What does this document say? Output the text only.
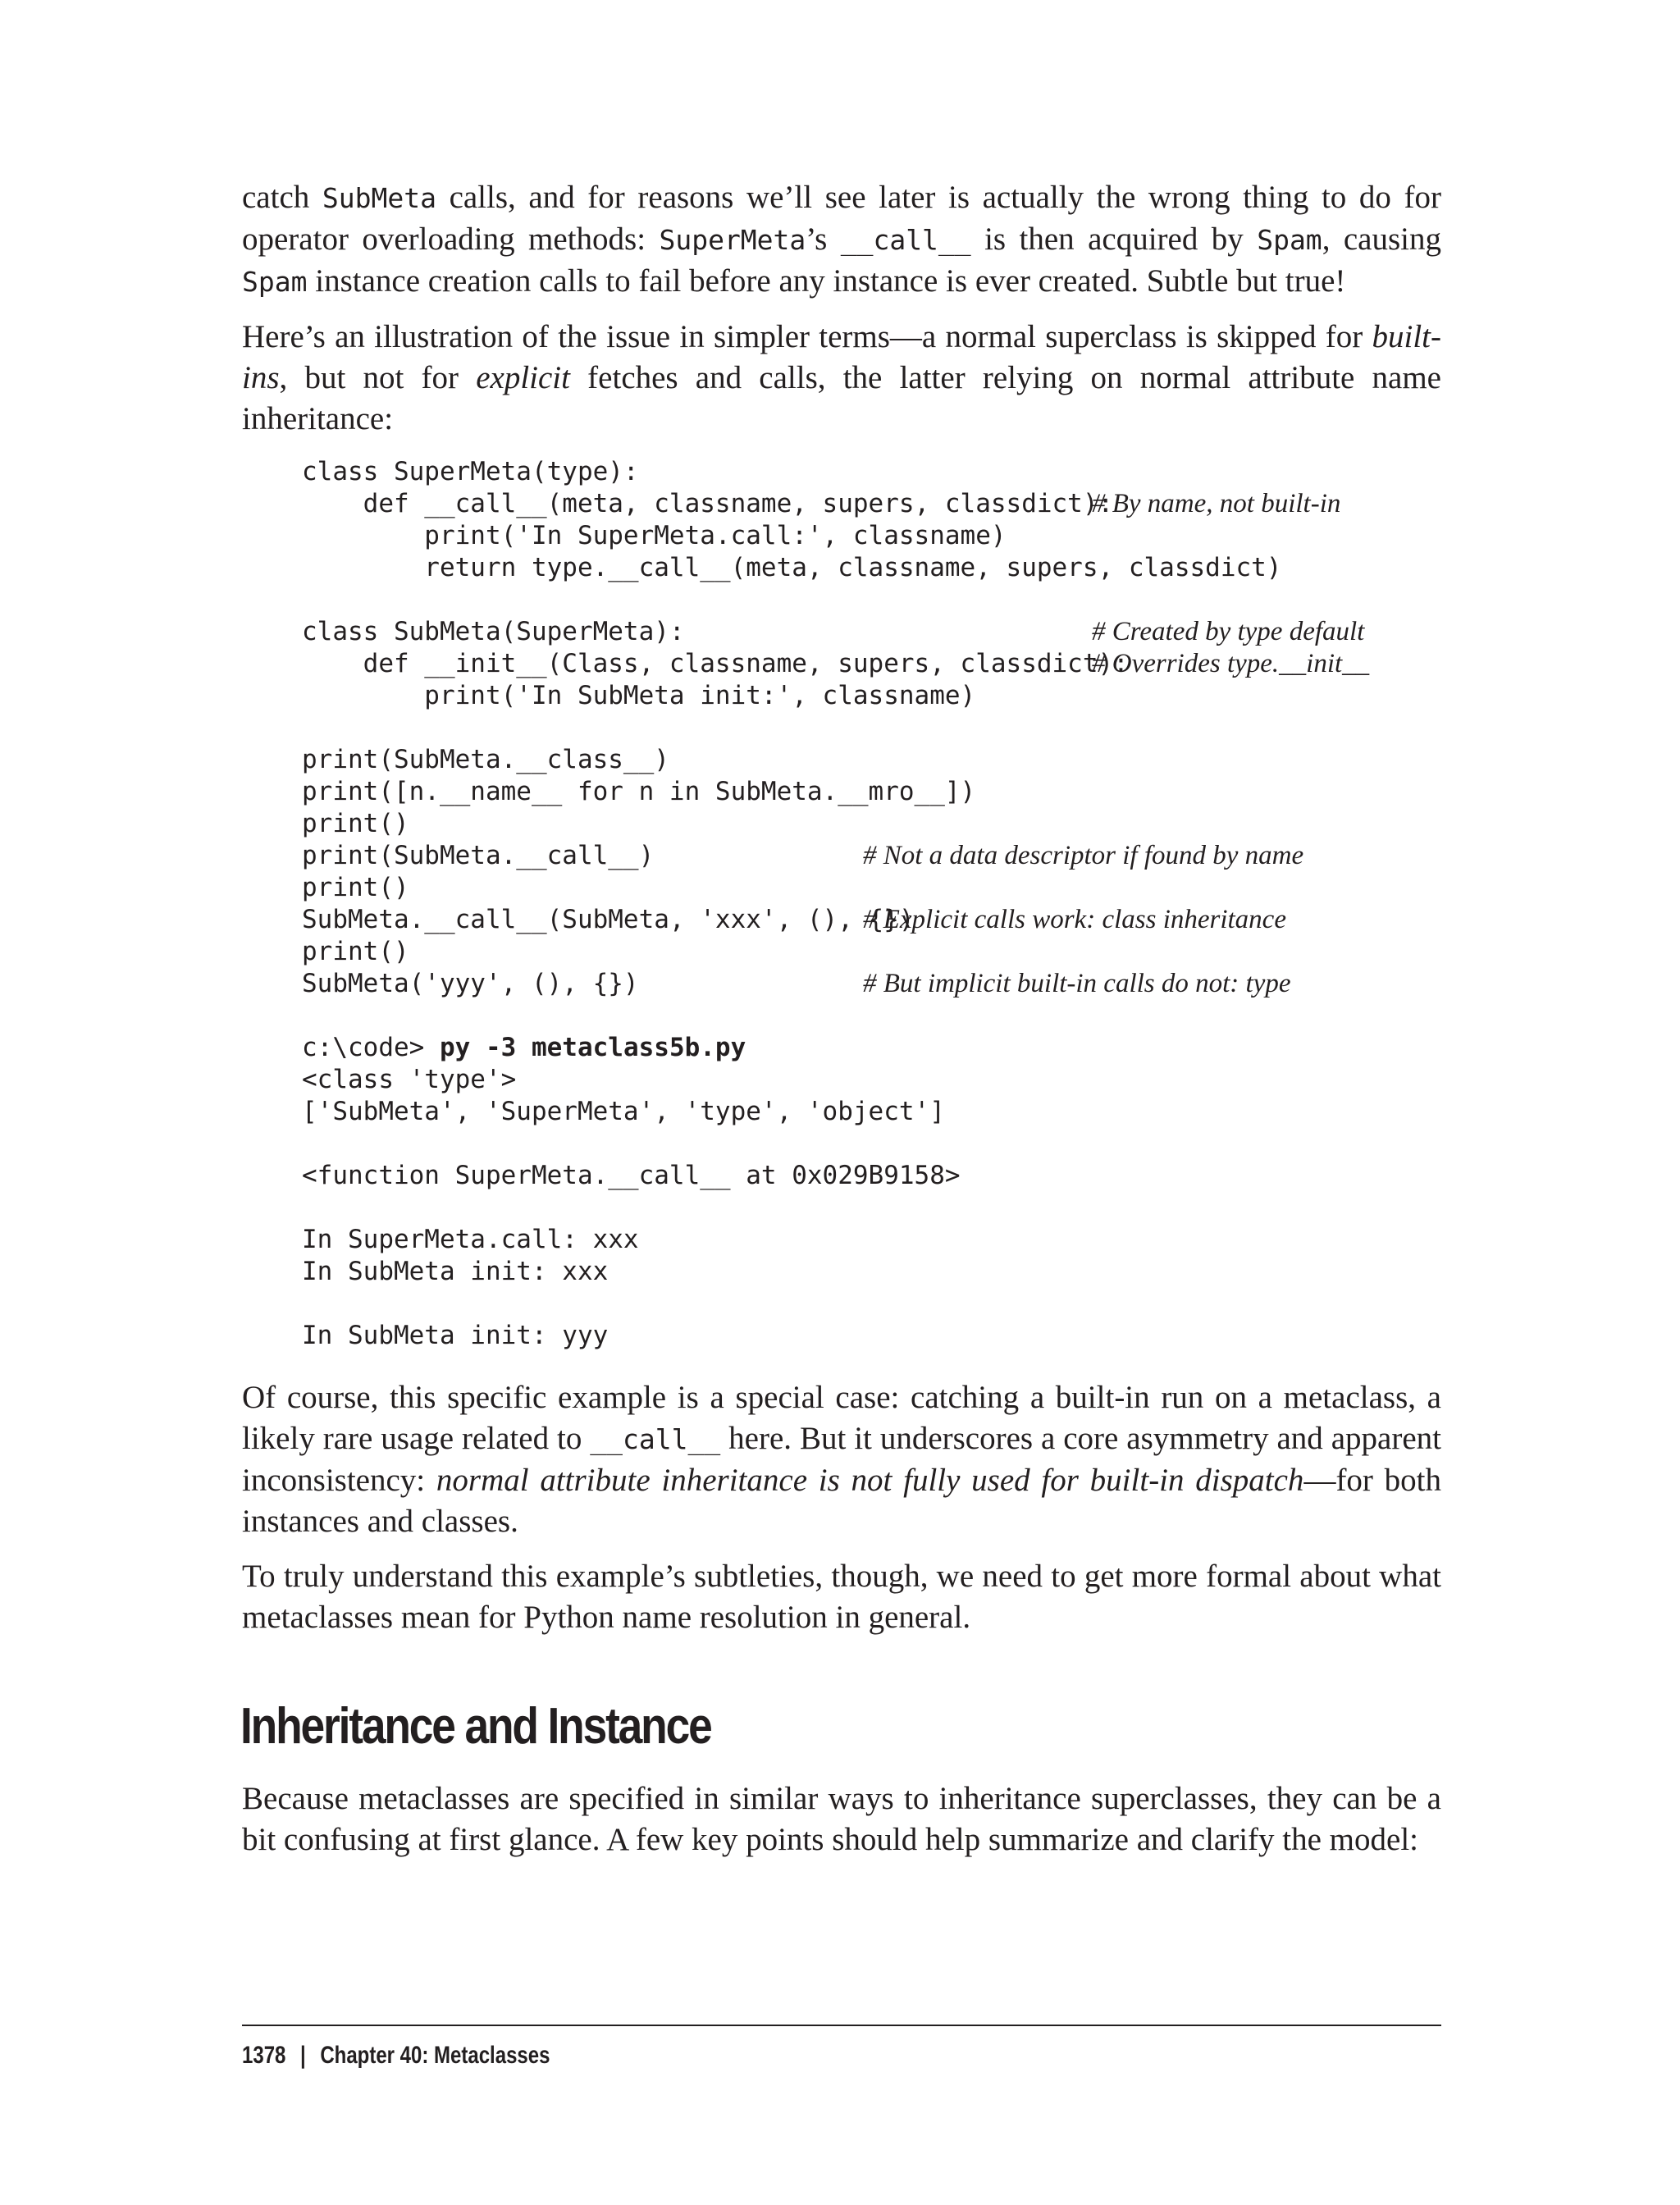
catch SubMeta calls, and for reasons we’ll see later is actually the wrong thing to do for operator overloading methods: SuperMeta’s __call__ is then acquired by Spam, causing Spam instance creation calls to fail before any instance is ever created. Subtle but true!

Here’s an illustration of the issue in simpler terms—a normal superclass is skipped for built-ins, but not for explicit fetches and calls, the latter relying on normal attribute name inheritance:

class SuperMeta(type):
def __call__(meta, classname, supers, classdict):
# By name, not built-in
print('In SuperMeta.call:', classname)
return type.__call__(meta, classname, supers, classdict)
class SubMeta(SuperMeta):	# Created by type default
def __init__(Class, classname, supers, classdict):
# Overrides type.__init__
print('In SubMeta init:', classname)
print(SubMeta.__class__)
print([n.__name__ for n in SubMeta.__mro__])
print()
print(SubMeta.__call__)	# Not a data descriptor if found by name
print()
SubMeta.__call__(SubMeta, 'xxx', (), {})
# Explicit calls work: class inheritance
print()
SubMeta('yyy', (), {})	# But implicit built-in calls do not: type
c:\code> py -3 metaclass5b.py
<class 'type'>
['SubMeta', 'SuperMeta', 'type', 'object']
<function SuperMeta.__call__ at 0x029B9158>
In SuperMeta.call: xxx
In SubMeta init: xxx
In SubMeta init: yyy

Of course, this specific example is a special case: catching a built-in run on a metaclass, a likely rare usage related to __call__ here. But it underscores a core asymmetry and apparent inconsistency: normal attribute inheritance is not fully used for built-in dispatch—for both instances and classes.

To truly understand this example’s subtleties, though, we need to get more formal about what metaclasses mean for Python name resolution in general.

Inheritance and Instance

Because metaclasses are specified in similar ways to inheritance superclasses, they can be a bit confusing at first glance. A few key points should help summarize and clarify the model:

1378 | Chapter 40: Metaclasses
